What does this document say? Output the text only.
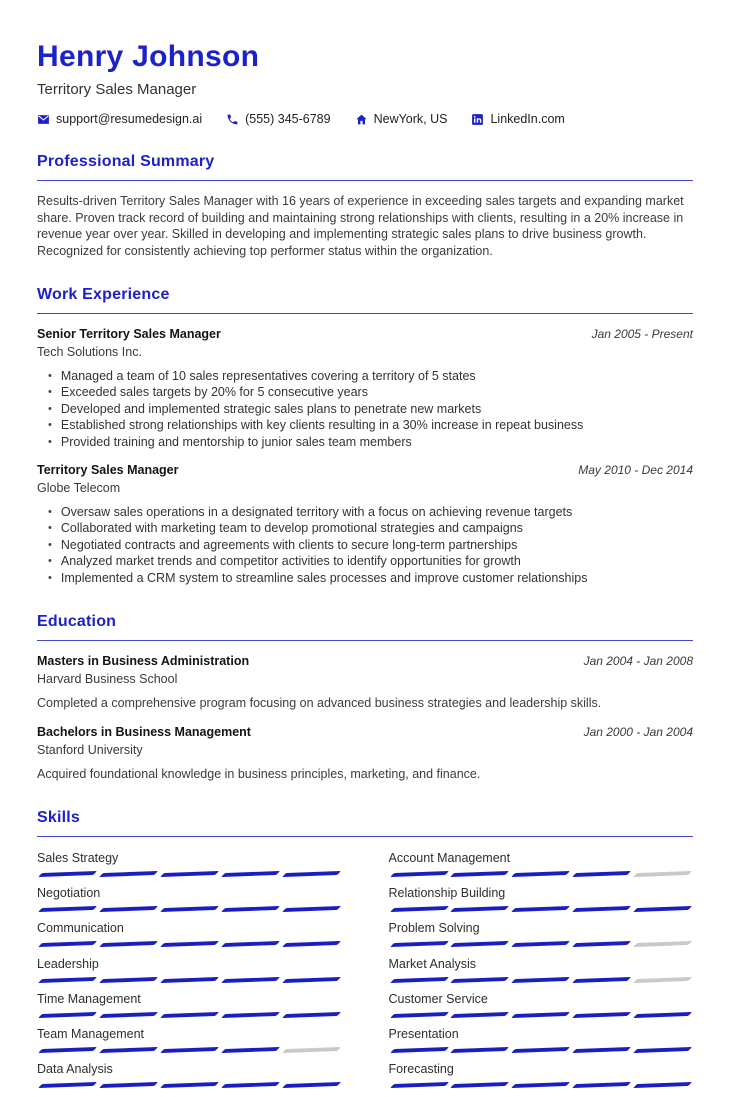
Henry Johnson
Territory Sales Manager
support@resumedesign.ai	(555) 345-6789	NewYork, US	LinkedIn.com
Professional Summary

Results-driven Territory Sales Manager with 16 years of experience in exceeding sales targets and expanding market share. Proven track record of building and maintaining strong relationships with clients, resulting in a 20% increase in revenue year over year. Skilled in developing and implementing strategic sales plans to drive business growth. Recognized for consistently achieving top performer status within the organization.

Work Experience
Senior Territory Sales Manager	Jan 2005 - Present
Tech Solutions Inc.
• Managed a team of 10 sales representatives covering a territory of 5 states
• Exceeded sales targets by 20% for 5 consecutive years
• Developed and implemented strategic sales plans to penetrate new markets
• Established strong relationships with key clients resulting in a 30% increase in repeat business
• Provided training and mentorship to junior sales team members
Territory Sales Manager	May 2010 - Dec 2014
Globe Telecom
• Oversaw sales operations in a designated territory with a focus on achieving revenue targets
• Collaborated with marketing team to develop promotional strategies and campaigns
• Negotiated contracts and agreements with clients to secure long-term partnerships
• Analyzed market trends and competitor activities to identify opportunities for growth
• Implemented a CRM system to streamline sales processes and improve customer relationships
Education
Masters in Business Administration	Jan 2004 - Jan 2008
Harvard Business School
Completed a comprehensive program focusing on advanced business strategies and leadership skills.
Bachelors in Business Management	Jan 2000 - Jan 2004
Stanford University
Acquired foundational knowledge in business principles, marketing, and finance.
Skills
Sales Strategy
Negotiation
Communication
Leadership
Time Management
Team Management
Data Analysis
Account Management
Relationship Building
Problem Solving
Market Analysis
Customer Service
Presentation
Forecasting
